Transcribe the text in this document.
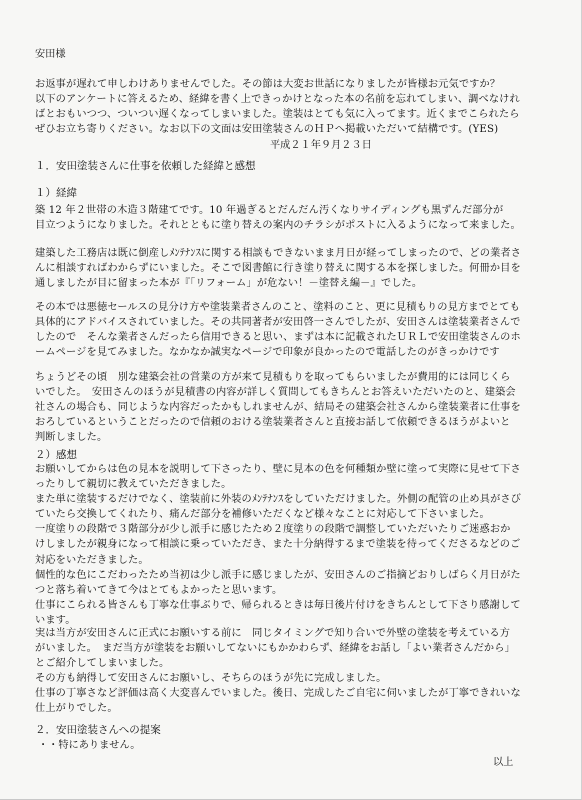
安田様

お返事が遅れて申しわけありませんでした。その節は大変お世話になりましたが皆様お元気ですか？

以下のアンケートに答えるため、経緯を書く上できっかけとなった本の名前を忘れてしまい、調べなけれ

ばとおもいつつ、ついつい遅くなってしまいました。塗装はとても気に入ってます。近くまでこられたら

ぜひお立ち寄りください。なお以下の文面は安田塗装さんのＨＰへ掲載いただいて結構です。(YES)

平成２１年９月２３日
１．安田塗装さんに仕事を依頼した経緯と感想
１）経緯

築 12 年２世帯の木造３階建てです。10 年過ぎるとだんだん汚くなりサイディングも黒ずんだ部分が

目立つようになりました。それとともに塗り替えの案内のチラシがポストに入るようになって来ました。

建築した工務店は既に倒産しﾒﾝﾃﾅﾝｽに関する相談もできないまま月日が経ってしまったので、どの業者さ

んに相談すればわからずにいました。そこで図書館に行き塗り替えに関する本を探しました。何冊か目を

通しましたが目に留まった本が『「リフォーム」が危ない！－塗替え編－』でした。

その本では悪徳セールスの見分け方や塗装業者さんのこと、塗料のこと、更に見積もりの見方までとても

具体的にアドバイスされていました。その共同著者が安田啓一さんでしたが、安田さんは塗装業者さんで

したので　そんな業者さんだったら信用できると思い、まずは本に記載されたＵＲＬで安田塗装さんのホ

ームページを見てみました。なかなか誠実なページで印象が良かったので電話したのがきっかけです

ちょうどその頃　別な建築会社の営業の方が来て見積もりを取ってもらいましたが費用的には同じくら

いでした。　安田さんのほうが見積書の内容が詳しく質問してもきちんとお答えいただいたのと、建築会

社さんの場合も、同じような内容だったかもしれませんが、結局その建築会社さんから塗装業者に仕事を

おろしているということだったので信頼のおける塗装業者さんと直接お話して依頼できるほうがよいと

判断しました。

２）感想

お願いしてからは色の見本を説明して下さったり、壁に見本の色を何種類か壁に塗って実際に見せて下さ

ったりして親切に教えていただきました。

また単に塗装するだけでなく、塗装前に外装のﾒﾝﾃﾅﾝｽをしていただけました。外側の配管の止め具がさび

ていたら交換してくれたり、痛んだ部分を補修いただくなど様々なことに対応して下さいました。

一度塗りの段階で３階部分が少し派手に感じたため２度塗りの段階で調整していただいたりご迷惑おか

けしましたが親身になって相談に乗っていただき、また十分納得するまで塗装を待ってくださるなどのご

対応をいただきました。

個性的な色にこだわったため当初は少し派手に感じましたが、安田さんのご指摘どおりしばらく月日がた

つと落ち着いてきて今はとてもよかったと思います。

仕事にこられる皆さんも丁寧な仕事ぶりで、帰られるときは毎日後片付けをきちんとして下さり感謝して

います。

実は当方が安田さんに正式にお願いする前に　同じタイミングで知り合いで外壁の塗装を考えている方

がいました。　まだ当方が塗装をお願いしてないにもかかわらず、経緯をお話し「よい業者さんだから」

とご紹介してしまいました。

その方も納得して安田さんにお願いし、そちらのほうが先に完成しました。

仕事の丁寧さなど評価は高く大変喜んでいました。後日、完成したご自宅に伺いましたが丁寧できれいな

仕上がりでした。

２．安田塗装さんへの提案
・・特にありません。
以上
